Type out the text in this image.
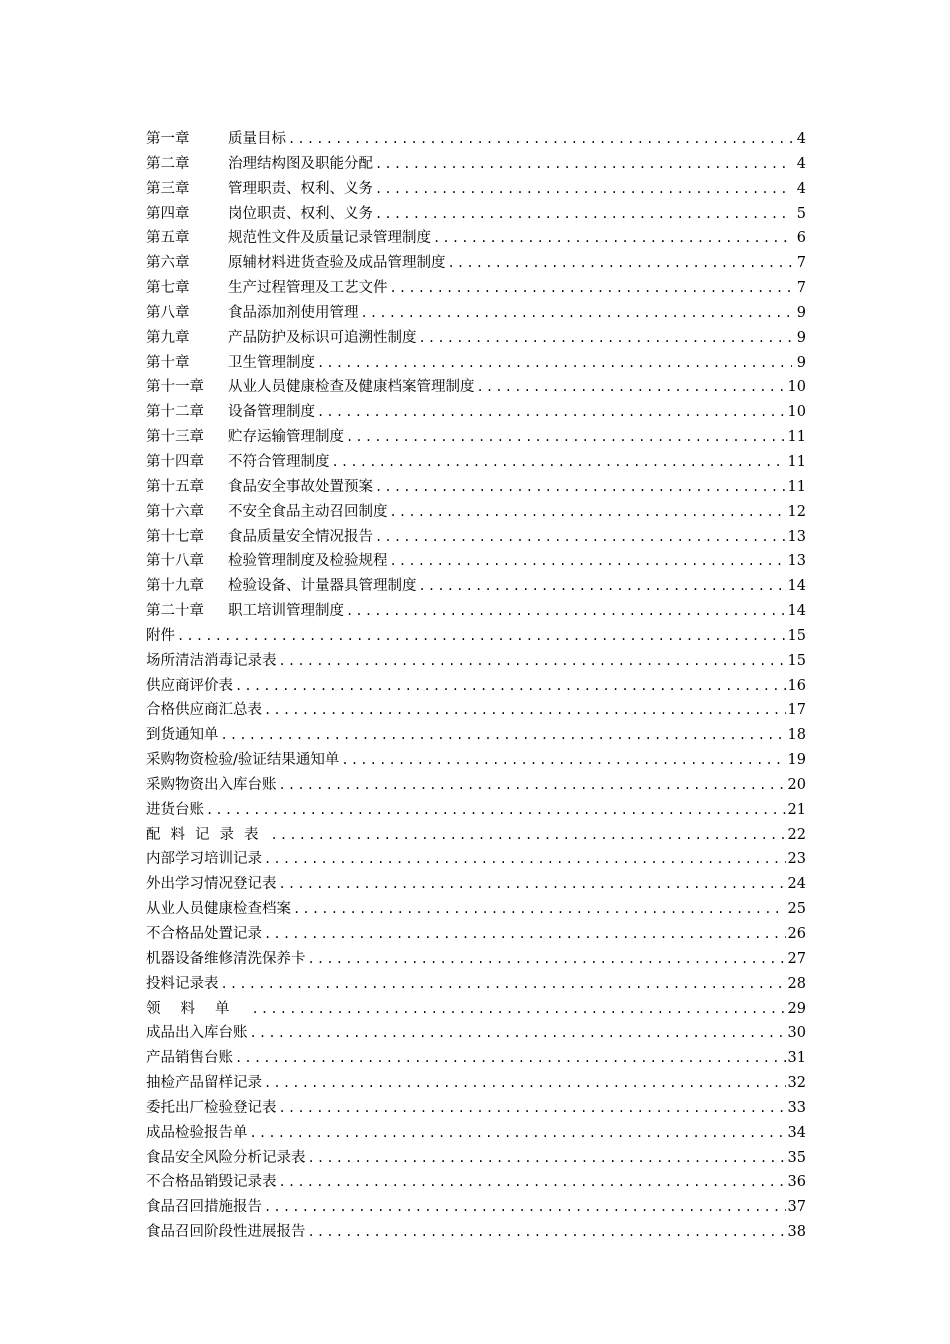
第一章	质量目标 .....	4
第二章	治理结构图及职能分配 .....	4
第三章	管理职责、权利、义务 .....	4
第四章	岗位职责、权利、义务 .....	5
第五章	规范性文件及质量记录管理制度 .....	6
第六章	原辅材料进货查验及成品管理制度 .....	7
第七章	生产过程管理及工艺文件 .....	7
第八章	食品添加剂使用管理 .....	9
第九章	产品防护及标识可追溯性制度 .....	9
第十章	卫生管理制度 .....	9
第十一章	从业人员健康检查及健康档案管理制度 .....	10
第十二章	设备管理制度 .....	10
第十三章	贮存运输管理制度 .....	11
第十四章	不符合管理制度 .....	11
第十五章	食品安全事故处置预案 .....	11
第十六章	不安全食品主动召回制度 .....	12
第十七章	食品质量安全情况报告 .....	13
第十八章	检验管理制度及检验规程 .....	13
第十九章	检验设备、计量器具管理制度 .....	14
第二十章	职工培训管理制度 .....	14
附件 .....	15
场所清洁消毒记录表 .....	15
供应商评价表 .....	16
合格供应商汇总表 .....	17
到货通知单 .....	18
采购物资检验/验证结果通知单 .....	19
采购物资出入库台账 .....	20
进货台账 .....	21
配料记录表 .....	22
内部学习培训记录 .....	23
外出学习情况登记表 .....	24
从业人员健康检查档案 .....	25
不合格品处置记录 .....	26
机器设备维修清洗保养卡 .....	27
投料记录表 .....	28
领料单 .....	29
成品出入库台账 .....	30
产品销售台账 .....	31
抽检产品留样记录 .....	32
委托出厂检验登记表 .....	33
成品检验报告单 .....	34
食品安全风险分析记录表 .....	35
不合格品销毁记录表 .....	36
食品召回措施报告 .....	37
食品召回阶段性进展报告 .....	38
